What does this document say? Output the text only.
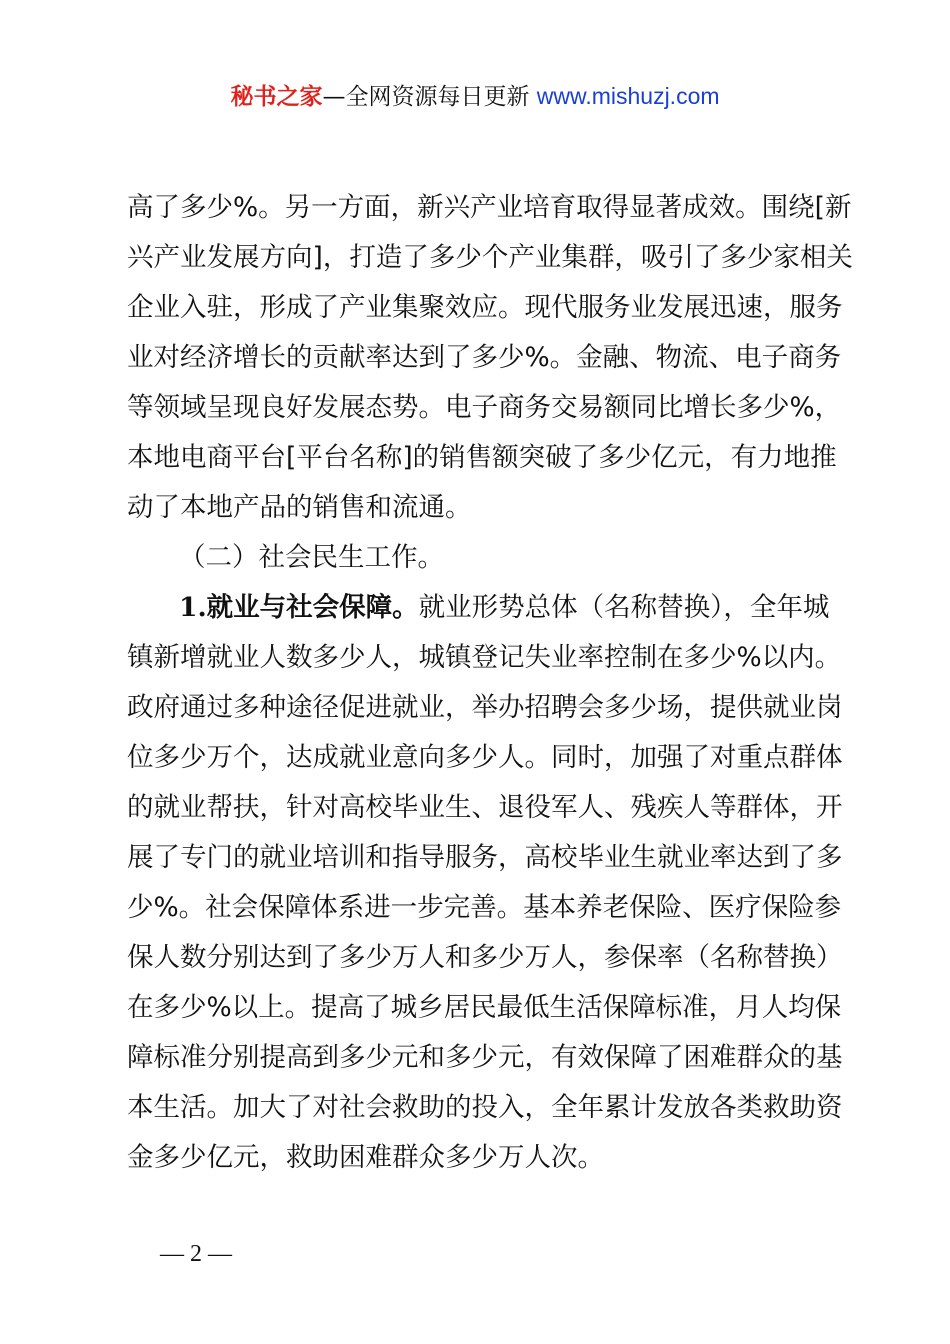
秘书之家—全网资源每日更新 www.mishuzj.com
高了多少%。另一方面，新兴产业培育取得显著成效。围绕[新
兴产业发展方向]，打造了多少个产业集群，吸引了多少家相关
企业入驻，形成了产业集聚效应。现代服务业发展迅速，服务
业对经济增长的贡献率达到了多少%。金融、物流、电子商务
等领域呈现良好发展态势。电子商务交易额同比增长多少%，
本地电商平台[平台名称]的销售额突破了多少亿元，有力地推
动了本地产品的销售和流通。
（二）社会民生工作。
1.就业与社会保障。就业形势总体（名称替换），全年城
镇新增就业人数多少人，城镇登记失业率控制在多少%以内。
政府通过多种途径促进就业，举办招聘会多少场，提供就业岗
位多少万个，达成就业意向多少人。同时，加强了对重点群体
的就业帮扶，针对高校毕业生、退役军人、残疾人等群体，开
展了专门的就业培训和指导服务，高校毕业生就业率达到了多
少%。社会保障体系进一步完善。基本养老保险、医疗保险参
保人数分别达到了多少万人和多少万人，参保率（名称替换）
在多少%以上。提高了城乡居民最低生活保障标准，月人均保
障标准分别提高到多少元和多少元，有效保障了困难群众的基
本生活。加大了对社会救助的投入，全年累计发放各类救助资
金多少亿元，救助困难群众多少万人次。
— 2 —
